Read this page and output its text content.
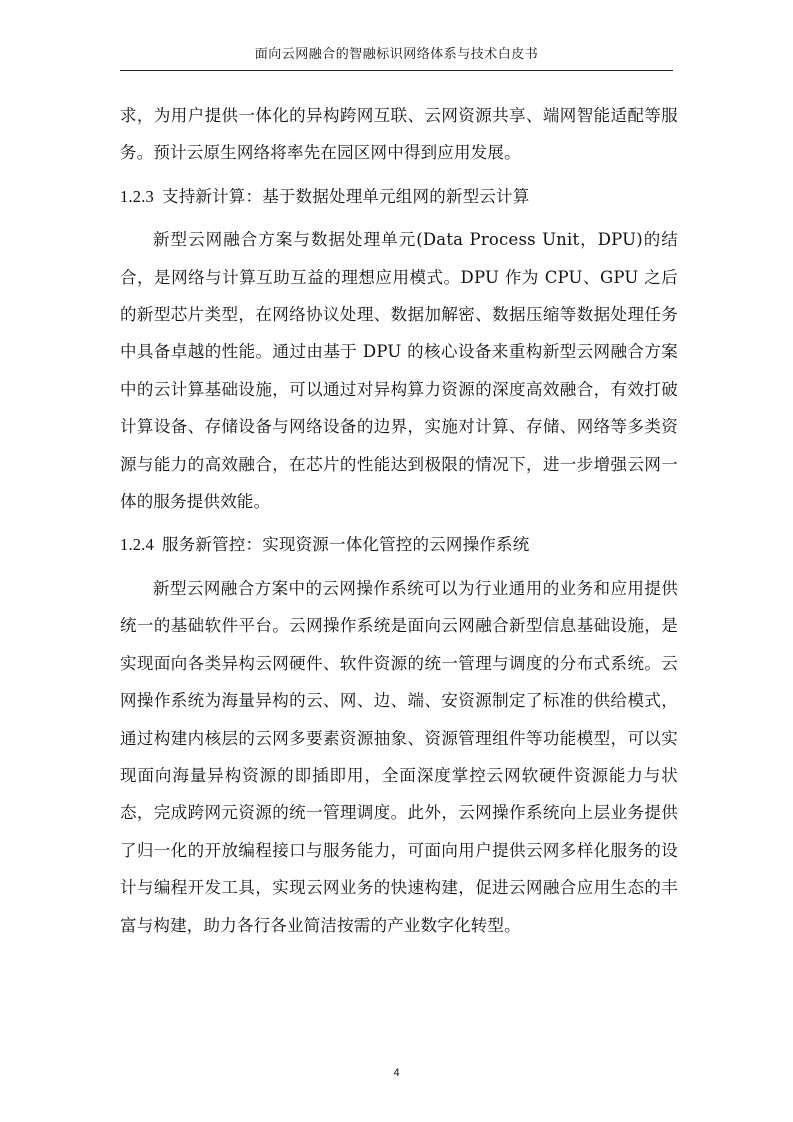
面向云网融合的智融标识网络体系与技术白皮书

求，为用户提供一体化的异构跨网互联、云网资源共享、端网智能适配等服务。预计云原生网络将率先在园区网中得到应用发展。

1.2.3 支持新计算：基于数据处理单元组网的新型云计算

新型云网融合方案与数据处理单元(Data Process Unit，DPU)的结合，是网络与计算互助互益的理想应用模式。DPU 作为 CPU、GPU 之后的新型芯片类型，在网络协议处理、数据加解密、数据压缩等数据处理任务中具备卓越的性能。通过由基于 DPU 的核心设备来重构新型云网融合方案中的云计算基础设施，可以通过对异构算力资源的深度高效融合，有效打破计算设备、存储设备与网络设备的边界，实施对计算、存储、网络等多类资源与能力的高效融合，在芯片的性能达到极限的情况下，进一步增强云网一体的服务提供效能。

1.2.4 服务新管控：实现资源一体化管控的云网操作系统

新型云网融合方案中的云网操作系统可以为行业通用的业务和应用提供统一的基础软件平台。云网操作系统是面向云网融合新型信息基础设施，是实现面向各类异构云网硬件、软件资源的统一管理与调度的分布式系统。云网操作系统为海量异构的云、网、边、端、安资源制定了标准的供给模式，通过构建内核层的云网多要素资源抽象、资源管理组件等功能模型，可以实现面向海量异构资源的即插即用，全面深度掌控云网软硬件资源能力与状态，完成跨网元资源的统一管理调度。此外，云网操作系统向上层业务提供了归一化的开放编程接口与服务能力，可面向用户提供云网多样化服务的设计与编程开发工具，实现云网业务的快速构建，促进云网融合应用生态的丰富与构建，助力各行各业简洁按需的产业数字化转型。

4
